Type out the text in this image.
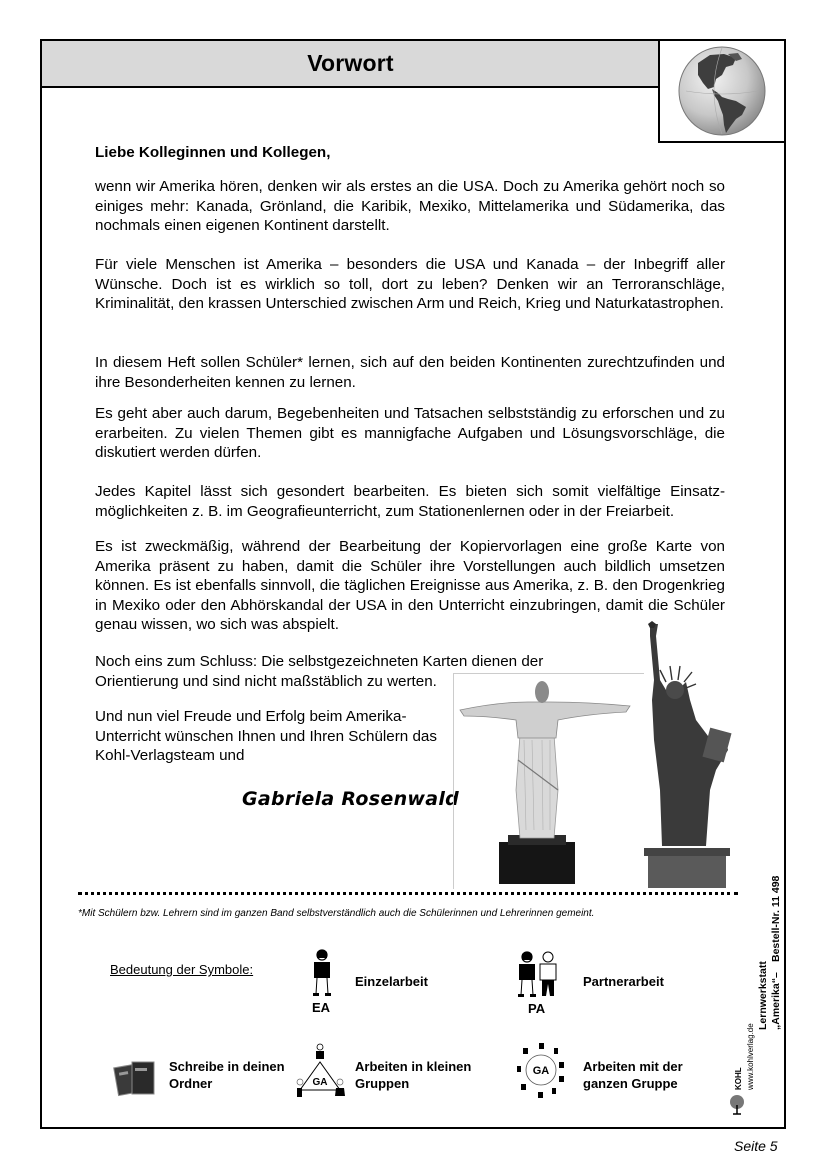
Vorwort

Liebe Kolleginnen und Kollegen,

wenn wir Amerika hören, denken wir als erstes an die USA. Doch zu Amerika gehört noch so einiges mehr: Kanada, Grönland, die Karibik, Mexiko, Mittelamerika und Südamerika, das nochmals einen eigenen Kontinent darstellt.

Für viele Menschen ist Amerika – besonders die USA und Kanada – der Inbegriff aller Wünsche. Doch ist es wirklich so toll, dort zu leben? Denken wir an Terroranschläge, Kriminalität, den krassen Unterschied zwischen Arm und Reich, Krieg und Naturkatastrophen.

In diesem Heft sollen Schüler* lernen, sich auf den beiden Kontinenten zurechtzufinden und ihre Besonderheiten kennen zu lernen.

Es geht aber auch darum, Begebenheiten und Tatsachen selbstständig zu erforschen und zu erarbeiten. Zu vielen Themen gibt es mannigfache Aufgaben und Lösungsvorschläge, die diskutiert werden dürfen.

Jedes Kapitel lässt sich gesondert bearbeiten. Es bieten sich somit vielfältige Einsatzmöglichkeiten z. B. im Geografieunterricht, zum Stationenlernen oder in der Freiarbeit.

Es ist zweckmäßig, während der Bearbeitung der Kopiervorlagen eine große Karte von Amerika präsent zu haben, damit die Schüler ihre Vorstellungen auch bildlich umsetzen können. Es ist ebenfalls sinnvoll, die täglichen Ereignisse aus Amerika, z. B. den Drogenkrieg in Mexiko oder den Abhörskandal der USA in den Unterricht einzubringen, damit die Schüler genau wissen, wo sich was abspielt.

Noch eins zum Schluss: Die selbstgezeichneten Karten dienen der Orientierung und sind nicht maßstäblich zu werten.

Und nun viel Freude und Erfolg beim Amerika-Unterricht wünschen Ihnen und Ihren Schülern das Kohl-Verlagsteam und

Gabriela Rosenwald
*Mit Schülern bzw. Lehrern sind im ganzen Band selbstverständlich auch die Schülerinnen und Lehrerinnen gemeint.
Bedeutung der Symbole:
EA
Einzelarbeit
PA
Partnerarbeit
Schreibe in deinen Ordner	GA
Arbeiten in kleinen Gruppen
GA	Arbeiten mit der ganzen Gruppe	KOHL www.kohlverlag.de
Lernwerkstatt „Amerika“
–
Bestell-Nr. 11 498
Seite 5
